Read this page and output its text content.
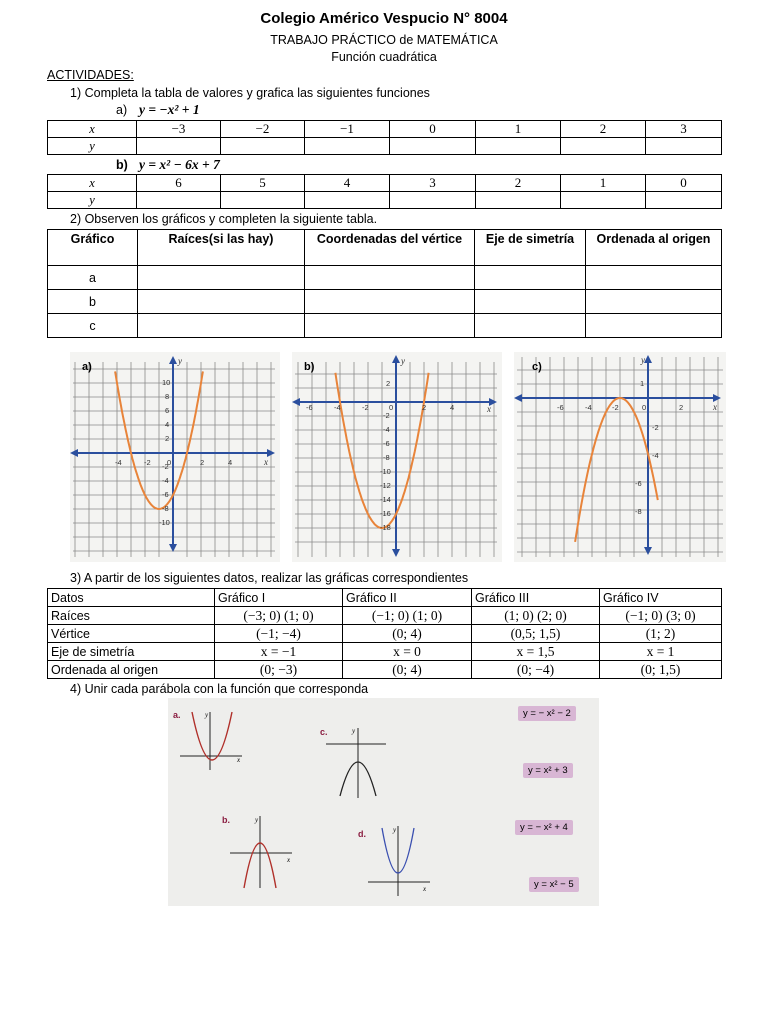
Colegio Américo Vespucio N° 8004
TRABAJO PRÁCTICO de MATEMÁTICA
Función cuadrática
ACTIVIDADES:
1) Completa la tabla de valores y grafica las siguientes funciones
a) y = −x² + 1
x	−3	−2	−1	0	1	2	3
y							
b) y = x² − 6x + 7
x	6	5	4	3	2	1	0
y							
2) Observen los gráficos y completen la siguiente tabla.
Gráfico	Raíces(si las hay)	Coordenadas del vértice	Eje de simetría	Ordenada al origen
a				
b				
c				
a)	y
x
-4	-2 0	2	4
10
8
6
4
2
-2
-4
-6
-8
-10
b)	y
x
-6	-4	-2	0	2	4
2
-2
-4
-6
-8
-10
-12
-14
-16
-18
c)
y
x
-6	-4	-2	0	2
1
-2
-4
-6
-8
3) A partir de los siguientes datos, realizar las gráficas correspondientes
Datos	Gráfico I	Gráfico II	Gráfico III	Gráfico IV
Raíces	(−3; 0) (1; 0)	(−1; 0) (1; 0)	(1; 0) (2; 0)	(−1; 0) (3; 0)
Vértice	(−1; −4)	(0; 4)	(0,5; 1,5)	(1; 2)
Eje de simetría	x = −1	x = 0	x = 1,5	x = 1
Ordenada al origen	(0; −3)	(0; 4)	(0; −4)	(0; 1,5)
4) Unir cada parábola con la función que corresponda
a.	y
x
c.	y
b.	y
x
d.	y
x
y = − x² − 2
y = x² + 3
y = − x² + 4
y = x² − 5
